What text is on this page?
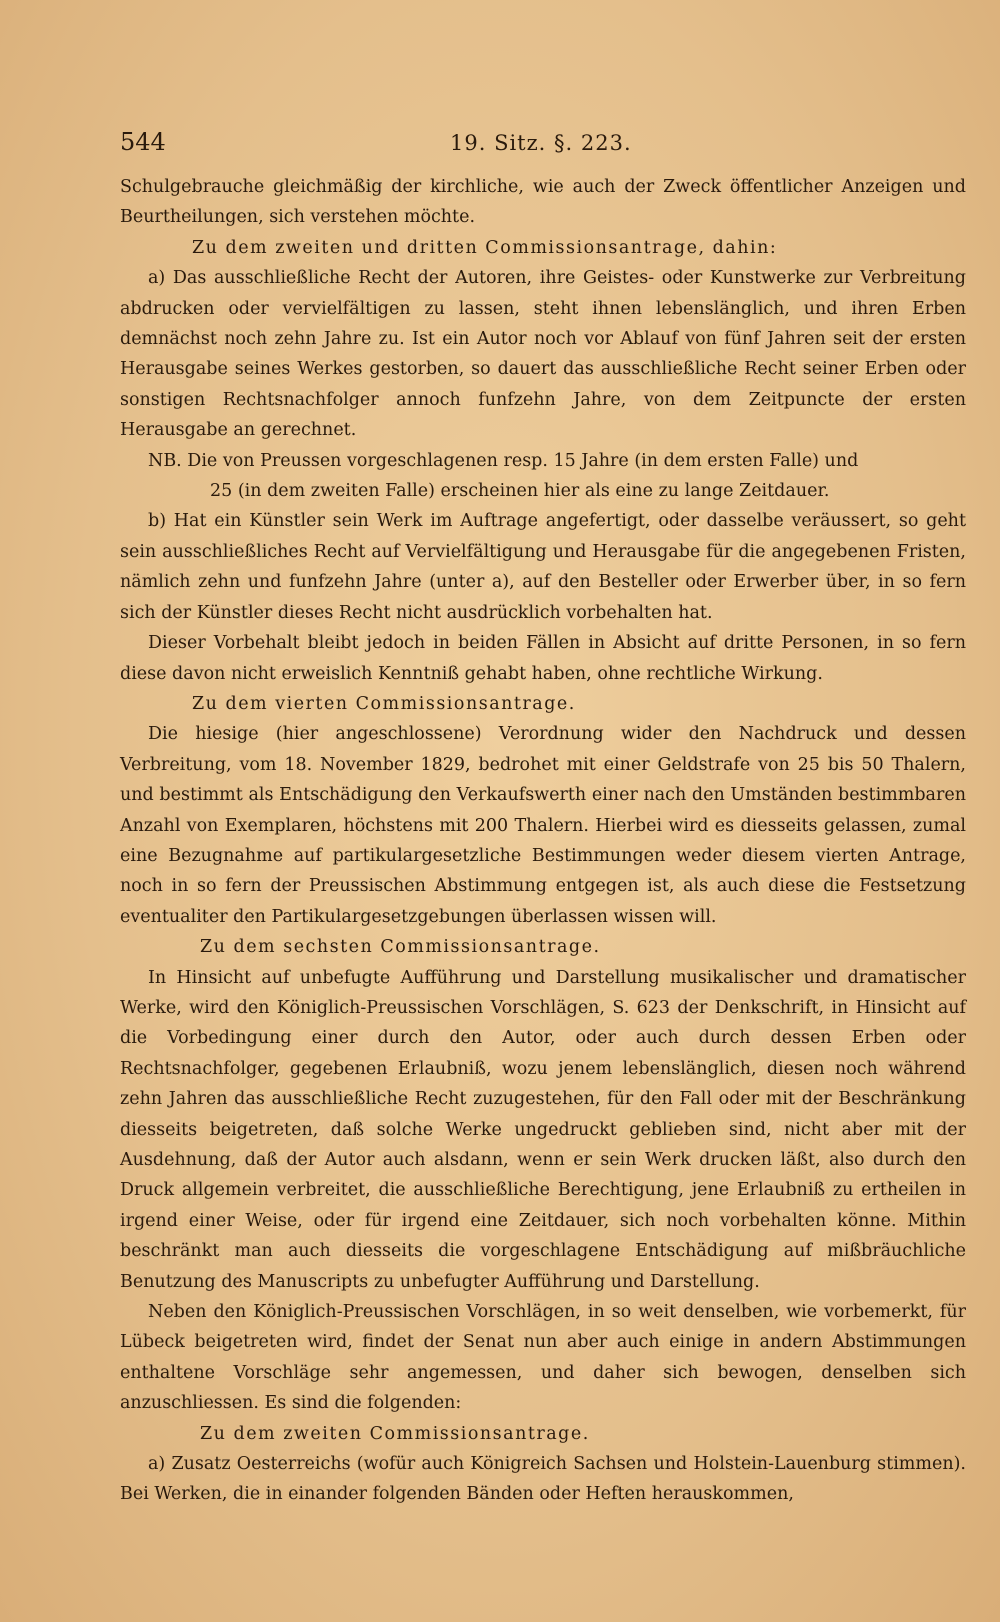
544	19. Sitz. §. 223.

Schulgebrauche gleichmäßig der kirchliche, wie auch der Zweck öffentlicher Anzeigen und Beurtheilungen, sich verstehen möchte.

Zu dem zweiten und dritten Commissionsantrage, dahin:

a) Das ausschließliche Recht der Autoren, ihre Geistes- oder Kunstwerke zur Verbreitung abdrucken oder vervielfältigen zu lassen, steht ihnen lebenslänglich, und ihren Erben demnächst noch zehn Jahre zu. Ist ein Autor noch vor Ablauf von fünf Jahren seit der ersten Herausgabe seines Werkes gestorben, so dauert das ausschließliche Recht seiner Erben oder sonstigen Rechtsnachfolger annoch funfzehn Jahre, von dem Zeitpuncte der ersten Herausgabe an gerechnet.

NB. Die von Preussen vorgeschlagenen resp. 15 Jahre (in dem ersten Falle) und

25 (in dem zweiten Falle) erscheinen hier als eine zu lange Zeitdauer.

b) Hat ein Künstler sein Werk im Auftrage angefertigt, oder dasselbe veräussert, so geht sein ausschließliches Recht auf Vervielfältigung und Herausgabe für die angegebenen Fristen, nämlich zehn und funfzehn Jahre (unter a), auf den Besteller oder Erwerber über, in so fern sich der Künstler dieses Recht nicht ausdrücklich vorbehalten hat.

Dieser Vorbehalt bleibt jedoch in beiden Fällen in Absicht auf dritte Personen, in so fern diese davon nicht erweislich Kenntniß gehabt haben, ohne rechtliche Wirkung.

Zu dem vierten Commissionsantrage.

Die hiesige (hier angeschlossene) Verordnung wider den Nachdruck und dessen Verbreitung, vom 18. November 1829, bedrohet mit einer Geldstrafe von 25 bis 50 Thalern, und bestimmt als Entschädigung den Verkaufswerth einer nach den Umständen bestimmbaren Anzahl von Exemplaren, höchstens mit 200 Thalern. Hierbei wird es diesseits gelassen, zumal eine Bezugnahme auf partikulargesetzliche Bestimmungen weder diesem vierten Antrage, noch in so fern der Preussischen Abstimmung entgegen ist, als auch diese die Festsetzung eventualiter den Partikulargesetzgebungen überlassen wissen will.

Zu dem sechsten Commissionsantrage.

In Hinsicht auf unbefugte Aufführung und Darstellung musikalischer und dramatischer Werke, wird den Königlich-Preussischen Vorschlägen, S. 623 der Denkschrift, in Hinsicht auf die Vorbedingung einer durch den Autor, oder auch durch dessen Erben oder Rechtsnachfolger, gegebenen Erlaubniß, wozu jenem lebenslänglich, diesen noch während zehn Jahren das ausschließliche Recht zuzugestehen, für den Fall oder mit der Beschränkung diesseits beigetreten, daß solche Werke ungedruckt geblieben sind, nicht aber mit der Ausdehnung, daß der Autor auch alsdann, wenn er sein Werk drucken läßt, also durch den Druck allgemein verbreitet, die ausschließliche Berechtigung, jene Erlaubniß zu ertheilen in irgend einer Weise, oder für irgend eine Zeitdauer, sich noch vorbehalten könne. Mithin beschränkt man auch diesseits die vorgeschlagene Entschädigung auf mißbräuchliche Benutzung des Manuscripts zu unbefugter Aufführung und Darstellung.

Neben den Königlich-Preussischen Vorschlägen, in so weit denselben, wie vorbemerkt, für Lübeck beigetreten wird, findet der Senat nun aber auch einige in andern Abstimmungen enthaltene Vorschläge sehr angemessen, und daher sich bewogen, denselben sich anzuschliessen. Es sind die folgenden:

Zu dem zweiten Commissionsantrage.

a) Zusatz Oesterreichs (wofür auch Königreich Sachsen und Holstein-Lauenburg stimmen). Bei Werken, die in einander folgenden Bänden oder Heften herauskommen,
